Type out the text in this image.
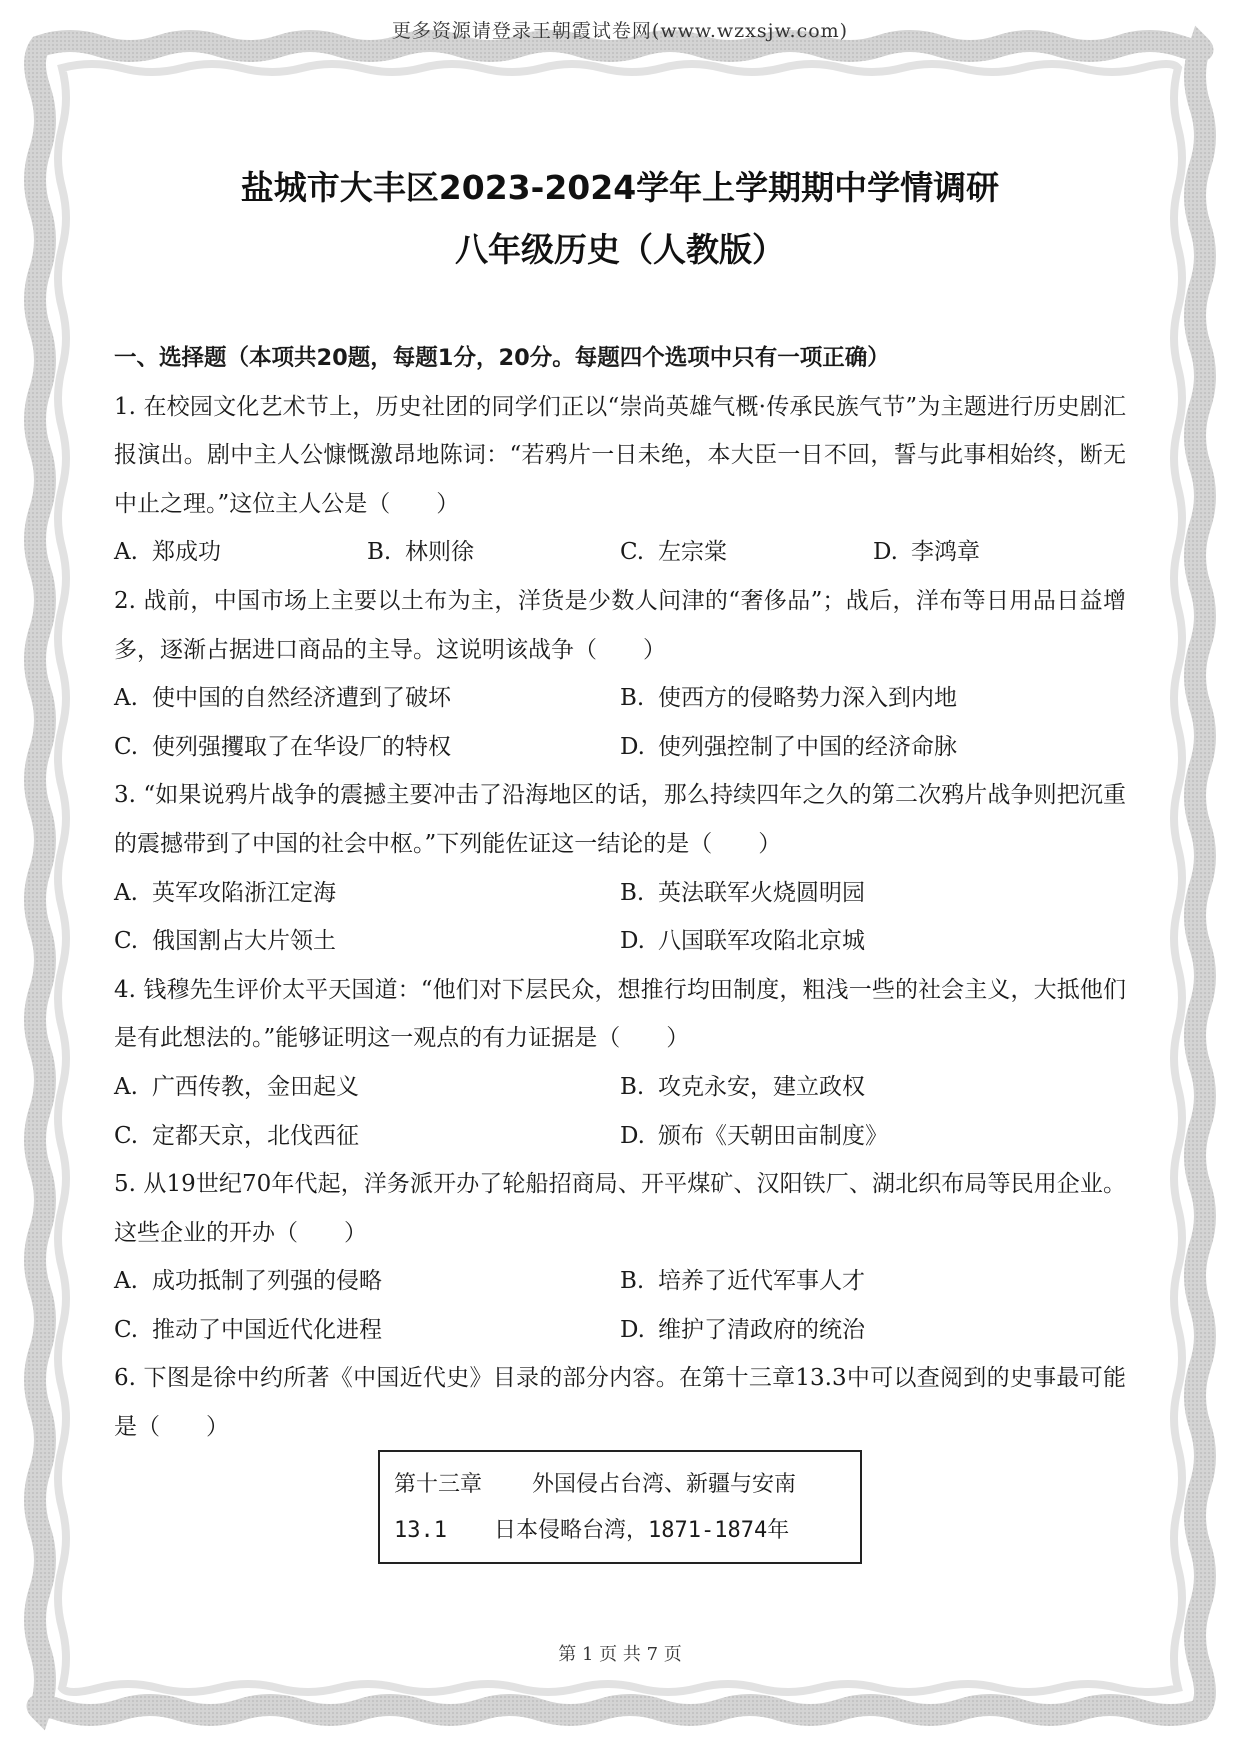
更多资源请登录王朝霞试卷网(www.wzxsjw.com)
盐城市大丰区2023-2024学年上学期期中学情调研
八年级历史（人教版）
一、选择题（本项共20题，每题1分，20分。每题四个选项中只有一项正确）

1. 在校园文化艺术节上，历史社团的同学们正以“崇尚英雄气概·传承民族气节”为主题进行历史剧汇报演出。剧中主人公慷慨激昂地陈词：“若鸦片一日未绝，本大臣一日不回，誓与此事相始终，断无中止之理。”这位主人公是（　　）

A. 郑成功	B. 林则徐	C. 左宗棠	D. 李鸿章

2. 战前，中国市场上主要以土布为主，洋货是少数人问津的“奢侈品”；战后，洋布等日用品日益增多，逐渐占据进口商品的主导。这说明该战争（　　）

A. 使中国的自然经济遭到了破坏	B. 使西方的侵略势力深入到内地
C. 使列强攫取了在华设厂的特权	D. 使列强控制了中国的经济命脉

3. “如果说鸦片战争的震撼主要冲击了沿海地区的话，那么持续四年之久的第二次鸦片战争则把沉重的震撼带到了中国的社会中枢。”下列能佐证这一结论的是（　　）

A. 英军攻陷浙江定海	B. 英法联军火烧圆明园
C. 俄国割占大片领土	D. 八国联军攻陷北京城

4. 钱穆先生评价太平天国道：“他们对下层民众，想推行均田制度，粗浅一些的社会主义，大抵他们是有此想法的。”能够证明这一观点的有力证据是（　　）

A. 广西传教，金田起义	B. 攻克永安，建立政权
C. 定都天京，北伐西征	D. 颁布《天朝田亩制度》

5. 从19世纪70年代起，洋务派开办了轮船招商局、开平煤矿、汉阳铁厂、湖北织布局等民用企业。这些企业的开办（　　）

A. 成功抵制了列强的侵略	B. 培养了近代军事人才
C. 推动了中国近代化进程	D. 维护了清政府的统治

6. 下图是徐中约所著《中国近代史》目录的部分内容。在第十三章13.3中可以查阅到的史事最可能是（　　）

第十三章 外国侵占台湾、新疆与安南
13.1 日本侵略台湾，1871-1874年
第 1 页 共 7 页
